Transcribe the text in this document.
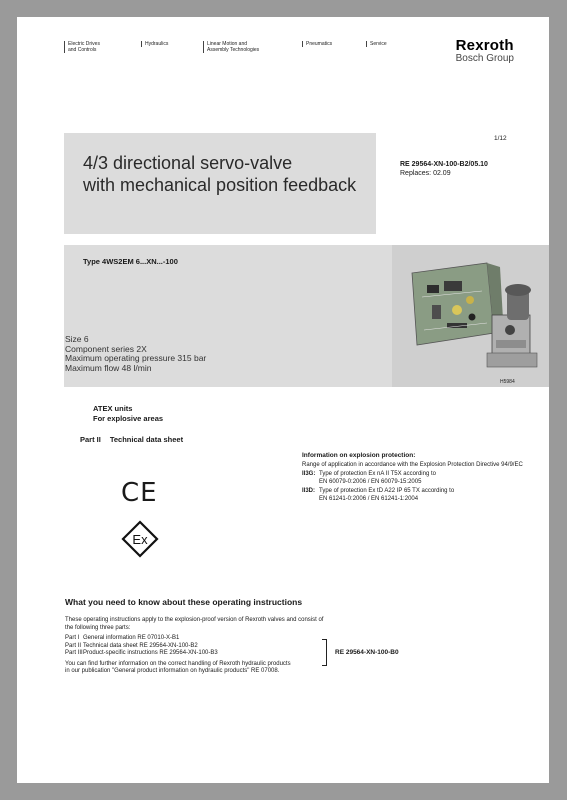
Electric Drives
and Controls
Hydraulics	Linear Motion and
Assembly Technologies
Pneumatics	Service	Rexroth
Bosch Group
4/3 directional servo-valve
with mechanical position feedback
1/12
RE 29564-XN-100-B2/05.10
Replaces: 02.09
Type 4WS2EM 6...XN...-100
Size 6
Component series 2X
Maximum operating pressure 315 bar
Maximum flow 48 l/min
H5984
ATEX units
For explosive areas
Part II Technical data sheet
CE
Ex
Information on explosion protection:
Range of application in accordance with the Explosion Protection Directive 94/9/EC
II3G: Type of protection Ex nA II T5X according to
EN 60079-0:2006 / EN 60079-15:2005
II3D: Type of protection Ex tD A22 IP 65 TX according to
EN 61241-0:2006 / EN 61241-1:2004
What you need to know about these operating instructions
These operating instructions apply to the explosion-proof version of Rexroth valves and consist of
the following three parts:
Part I General information RE 07010-X-B1
Part II Technical data sheet RE 29564-XN-100-B2
Part III Product-specific instructions RE 29564-XN-100-B3
You can find further information on the correct handling of Rexroth hydraulic products
in our publication "General product information on hydraulic products" RE 07008.
RE 29564-XN-100-B0
